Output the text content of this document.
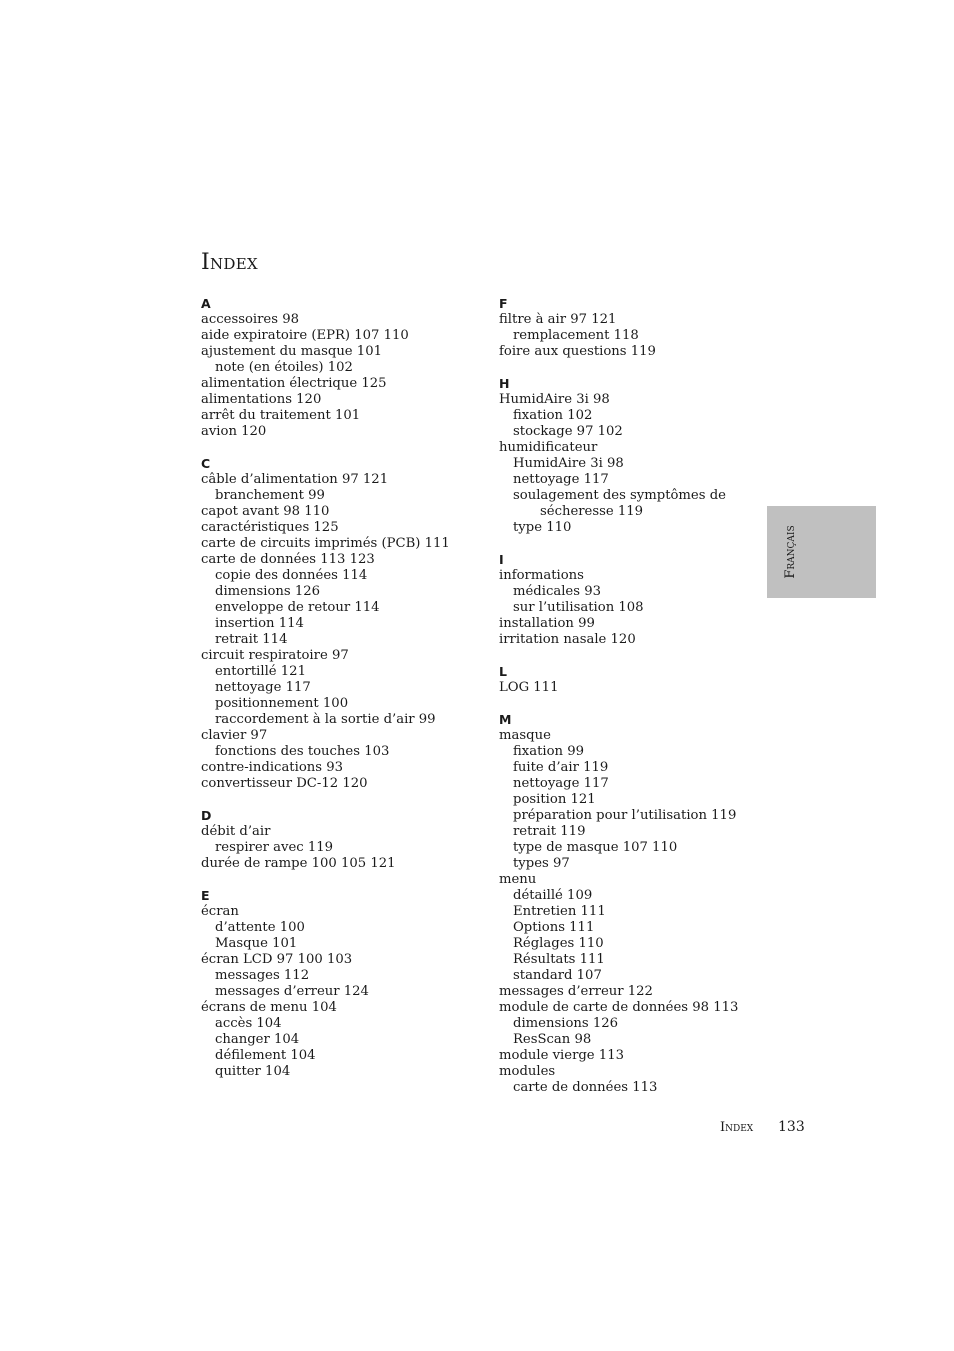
Index
A
accessoires 98
aide expiratoire (EPR) 107 110
ajustement du masque 101
note (en étoiles) 102
alimentation électrique 125
alimentations 120
arrêt du traitement 101
avion 120
C
câble d’alimentation 97 121
branchement 99
capot avant 98 110
caractéristiques 125
carte de circuits imprimés (PCB) 111
carte de données 113 123
copie des données 114
dimensions 126
enveloppe de retour 114
insertion 114
retrait 114
circuit respiratoire 97
entortillé 121
nettoyage 117
positionnement 100
raccordement à la sortie d’air 99
clavier 97
fonctions des touches 103
contre-indications 93
convertisseur DC-12 120
D
débit d’air
respirer avec 119
durée de rampe 100 105 121
E
écran
d’attente 100
Masque 101
écran LCD 97 100 103
messages 112
messages d’erreur 124
écrans de menu 104
accès 104
changer 104
défilement 104
quitter 104
F
filtre à air 97 121
remplacement 118
foire aux questions 119
H
HumidAire 3i 98
fixation 102
stockage 97 102
humidificateur
HumidAire 3i 98
nettoyage 117
soulagement des symptômes de
sécheresse 119
type 110
I
informations
médicales 93
sur l’utilisation 108
installation 99
irritation nasale 120
L
LOG 111
M
masque
fixation 99
fuite d’air 119
nettoyage 117
position 121
préparation pour l’utilisation 119
retrait 119
type de masque 107 110
types 97
menu
détaillé 109
Entretien 111
Options 111
Réglages 110
Résultats 111
standard 107
messages d’erreur 122
module de carte de données 98 113
dimensions 126
ResScan 98
module vierge 113
modules
carte de données 113
Français
Index 133
